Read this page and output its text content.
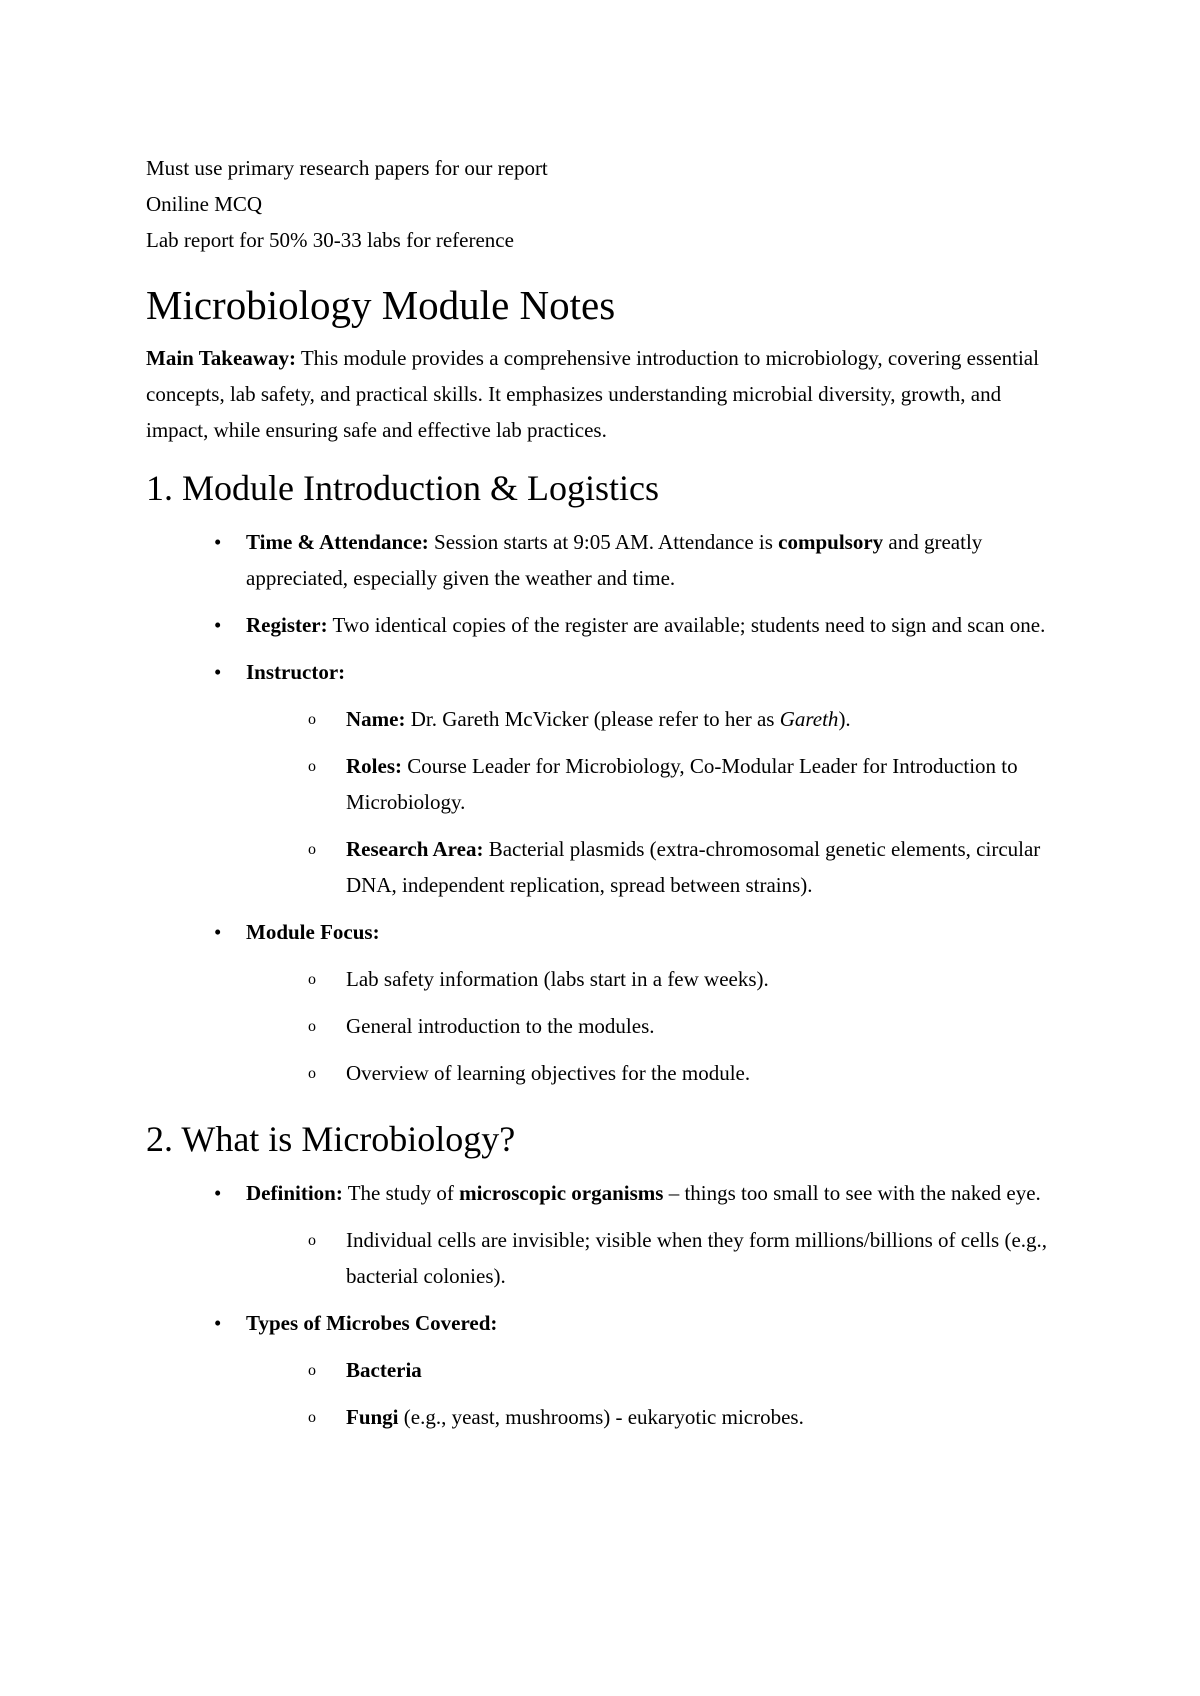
Must use primary research papers for our report

Oniline MCQ

Lab report for 50% 30-33 labs for reference

Microbiology Module Notes

Main Takeaway: This module provides a comprehensive introduction to microbiology, covering essential concepts, lab safety, and practical skills. It emphasizes understanding microbial diversity, growth, and impact, while ensuring safe and effective lab practices.

1. Module Introduction & Logistics
• Time & Attendance: Session starts at 9:05 AM. Attendance is compulsory and greatly appreciated, especially given the weather and time.
• Register: Two identical copies of the register are available; students need to sign and scan one.
• Instructor:
o Name: Dr. Gareth McVicker (please refer to her as Gareth).
o Roles: Course Leader for Microbiology, Co-Modular Leader for Introduction to Microbiology.
o Research Area: Bacterial plasmids (extra-chromosomal genetic elements, circular DNA, independent replication, spread between strains).
• Module Focus:
o Lab safety information (labs start in a few weeks).
o General introduction to the modules.
o Overview of learning objectives for the module.
2. What is Microbiology?
• Definition: The study of microscopic organisms – things too small to see with the naked eye.
o Individual cells are invisible; visible when they form millions/billions of cells (e.g., bacterial colonies).
• Types of Microbes Covered:
o Bacteria
o Fungi (e.g., yeast, mushrooms) - eukaryotic microbes.
